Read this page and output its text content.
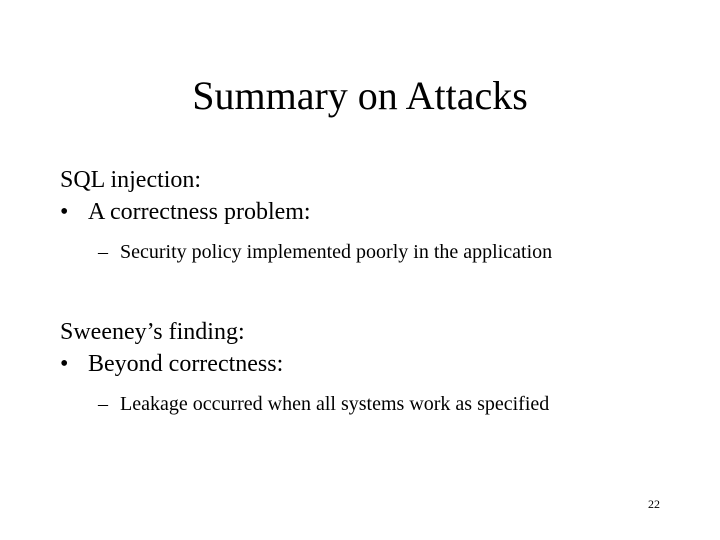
Summary on Attacks
SQL injection:
• A correctness problem:
– Security policy implemented poorly in the application
Sweeney’s finding:
• Beyond correctness:
– Leakage occurred when all systems work as specified
22
